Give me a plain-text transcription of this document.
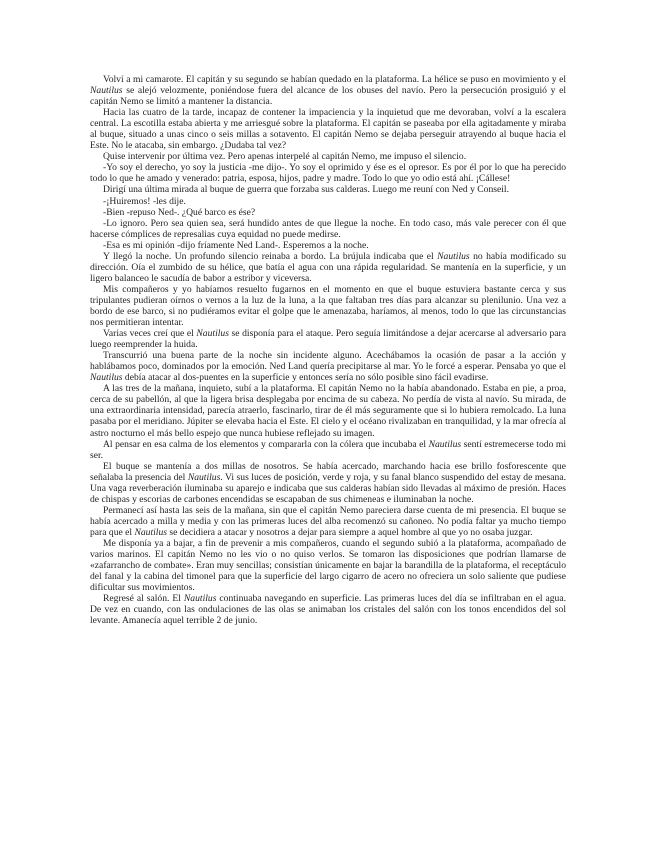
Volví a mi camarote. El capitán y su segundo se habían quedado en la plataforma. La hélice se puso en movimiento y el Nautilus se alejó velozmente, poniéndose fuera del alcance de los obuses del navío. Pero la persecución prosiguió y el capitán Nemo se limitó a mantener la distancia.

Hacia las cuatro de la tarde, incapaz de contener la impaciencia y la inquietud que me devoraban, volví a la escalera central. La escotilla estaba abierta y me arriesgué sobre la plataforma. El capitán se paseaba por ella agitadamente y miraba al buque, situado a unas cinco o seis millas a sotavento. El capitán Nemo se dejaba perseguir atrayendo al buque hacia el Este. No le atacaba, sin embargo. ¿Dudaba tal vez?

Quise intervenir por última vez. Pero apenas interpelé al capitán Nemo, me impuso el silencio.

-Yo soy el derecho, yo soy la justicia -me dijo-. Yo soy el oprimido y ése es el opresor. Es por él por lo que ha perecido todo lo que he amado y venerado: patria, esposa, hijos, padre y madre. Todo lo que yo odio está ahí. ¡Cállese!

Dirigí una última mirada al buque de guerra que forzaba sus calderas. Luego me reuní con Ned y Conseil.

-¡Huiremos! -les dije.

-Bien -repuso Ned-. ¿Qué barco es ése?

-Lo ignoro. Pero sea quien sea, será hundido antes de que llegue la noche. En todo caso, más vale perecer con él que hacerse cómplices de represalias cuya equidad no puede medirse.

-Esa es mi opinión -dijo fríamente Ned Land-. Esperemos a la noche.

Y llegó la noche. Un profundo silencio reinaba a bordo. La brújula indicaba que el Nautilus no había modificado su dirección. Oía el zumbido de su hélice, que batía el agua con una rápida regularidad. Se mantenía en la superficie, y un ligero balanceo le sacudía de babor a estribor y viceversa.

Mis compañeros y yo habíamos resuelto fugarnos en el momento en que el buque estuviera bastante cerca y sus tripulantes pudieran oírnos o vernos a la luz de la luna, a la que faltaban tres días para alcanzar su plenilunio. Una vez a bordo de ese barco, si no pudiéramos evitar el golpe que le amenazaba, haríamos, al menos, todo lo que las circunstancias nos permitieran intentar.

Varias veces creí que el Nautilus se disponía para el ataque. Pero seguía limitándose a dejar acercarse al adversario para luego reemprender la huida.

Transcurrió una buena parte de la noche sin incidente alguno. Acechábamos la ocasión de pasar a la acción y hablábamos poco, dominados por la emoción. Ned Land quería precipitarse al mar. Yo le forcé a esperar. Pensaba yo que el Nautilus debía atacar al dos-puentes en la superficie y entonces sería no sólo posible sino fácil evadirse.

A las tres de la mañana, inquieto, subí a la plataforma. El capitán Nemo no la había abandonado. Estaba en pie, a proa, cerca de su pabellón, al que la ligera brisa desplegaba por encima de su cabeza. No perdía de vista al navío. Su mirada, de una extraordinaria intensidad, parecía atraerlo, fascinarlo, tirar de él más seguramente que si lo hubiera remolcado. La luna pasaba por el meridiano. Júpiter se elevaba hacia el Este. El cielo y el océano rivalizaban en tranquilidad, y la mar ofrecía al astro nocturno el más bello espejo que nunca hubiese reflejado su imagen.

Al pensar en esa calma de los elementos y compararla con la cólera que incubaba el Nautilus sentí estremecerse todo mi ser.

El buque se mantenía a dos millas de nosotros. Se había acercado, marchando hacia ese brillo fosforescente que señalaba la presencia del Nautilus. Vi sus luces de posición, verde y roja, y su fanal blanco suspendido del estay de mesana. Una vaga reverberación iluminaba su aparejo e indicaba que sus calderas habían sido llevadas al máximo de presión. Haces de chispas y escorias de carbones encendidas se escapaban de sus chimeneas e iluminaban la noche.

Permanecí así hasta las seis de la mañana, sin que el capitán Nemo pareciera darse cuenta de mi presencia. El buque se había acercado a milla y media y con las primeras luces del alba recomenzó su cañoneo. No podía faltar ya mucho tiempo para que el Nautilus se decidiera a atacar y nosotros a dejar para siempre a aquel hombre al que yo no osaba juzgar.

Me disponía ya a bajar, a fin de prevenir a mis compañeros, cuando el segundo subió a la plataforma, acompañado de varios marinos. El capitán Nemo no les vio o no quiso verlos. Se tomaron las disposiciones que podrían llamarse de «zafarrancho de combate». Eran muy sencillas; consistían únicamente en bajar la barandilla de la plataforma, el receptáculo del fanal y la cabina del timonel para que la superficie del largo cigarro de acero no ofreciera un solo saliente que pudiese dificultar sus movimientos.

Regresé al salón. El Nautilus continuaba navegando en superficie. Las primeras luces del día se infiltraban en el agua. De vez en cuando, con las ondulaciones de las olas se animaban los cristales del salón con los tonos encendidos del sol levante. Amanecía aquel terrible 2 de junio.
